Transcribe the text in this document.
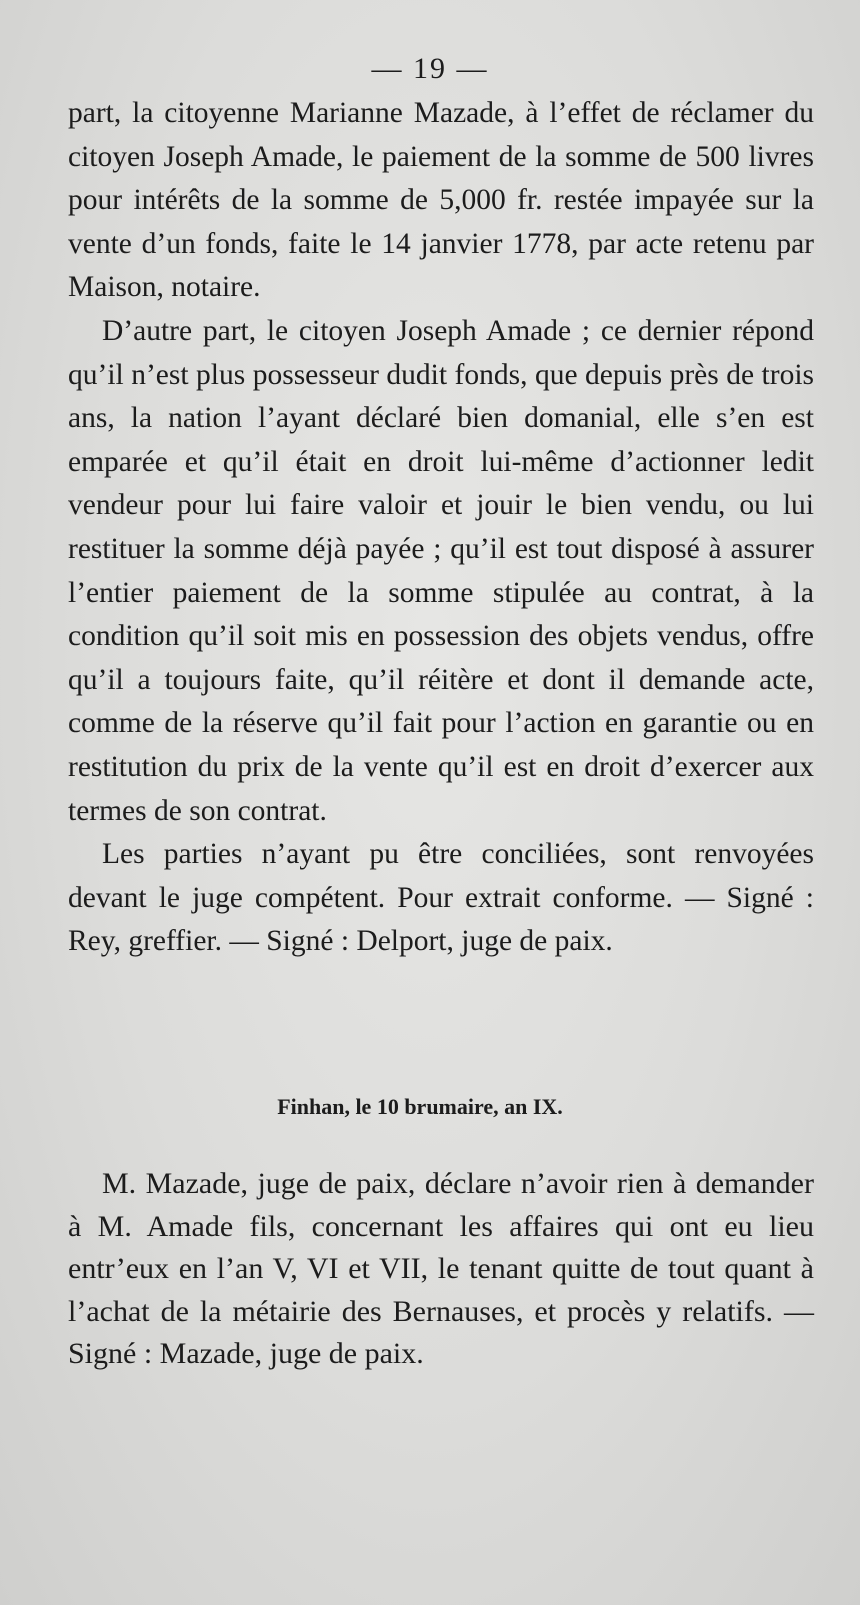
— 19 —

part, la citoyenne Marianne Mazade, à l’effet de réclamer du citoyen Joseph Amade, le paiement de la somme de 500 livres pour intérêts de la somme de 5,000 fr. restée impayée sur la vente d’un fonds, faite le 14 janvier 1778, par acte retenu par Maison, notaire.

D’autre part, le citoyen Joseph Amade ; ce dernier répond qu’il n’est plus possesseur dudit fonds, que depuis près de trois ans, la nation l’ayant déclaré bien domanial, elle s’en est emparée et qu’il était en droit lui-même d’actionner ledit vendeur pour lui faire valoir et jouir le bien vendu, ou lui restituer la somme déjà payée ; qu’il est tout disposé à assurer l’entier paiement de la somme stipulée au contrat, à la condition qu’il soit mis en possession des objets vendus, offre qu’il a toujours faite, qu’il réitère et dont il demande acte, comme de la réserve qu’il fait pour l’action en garantie ou en restitution du prix de la vente qu’il est en droit d’exercer aux termes de son contrat.

Les parties n’ayant pu être conciliées, sont renvoyées devant le juge compétent. Pour extrait conforme. — Signé : Rey, greffier. — Signé : Delport, juge de paix.

Finhan, le 10 brumaire, an IX.

M. Mazade, juge de paix, déclare n’avoir rien à demander à M. Amade fils, concernant les affaires qui ont eu lieu entr’eux en l’an V, VI et VII, le tenant quitte de tout quant à l’achat de la métairie des Bernauses, et procès y relatifs. — Signé : Mazade, juge de paix.
